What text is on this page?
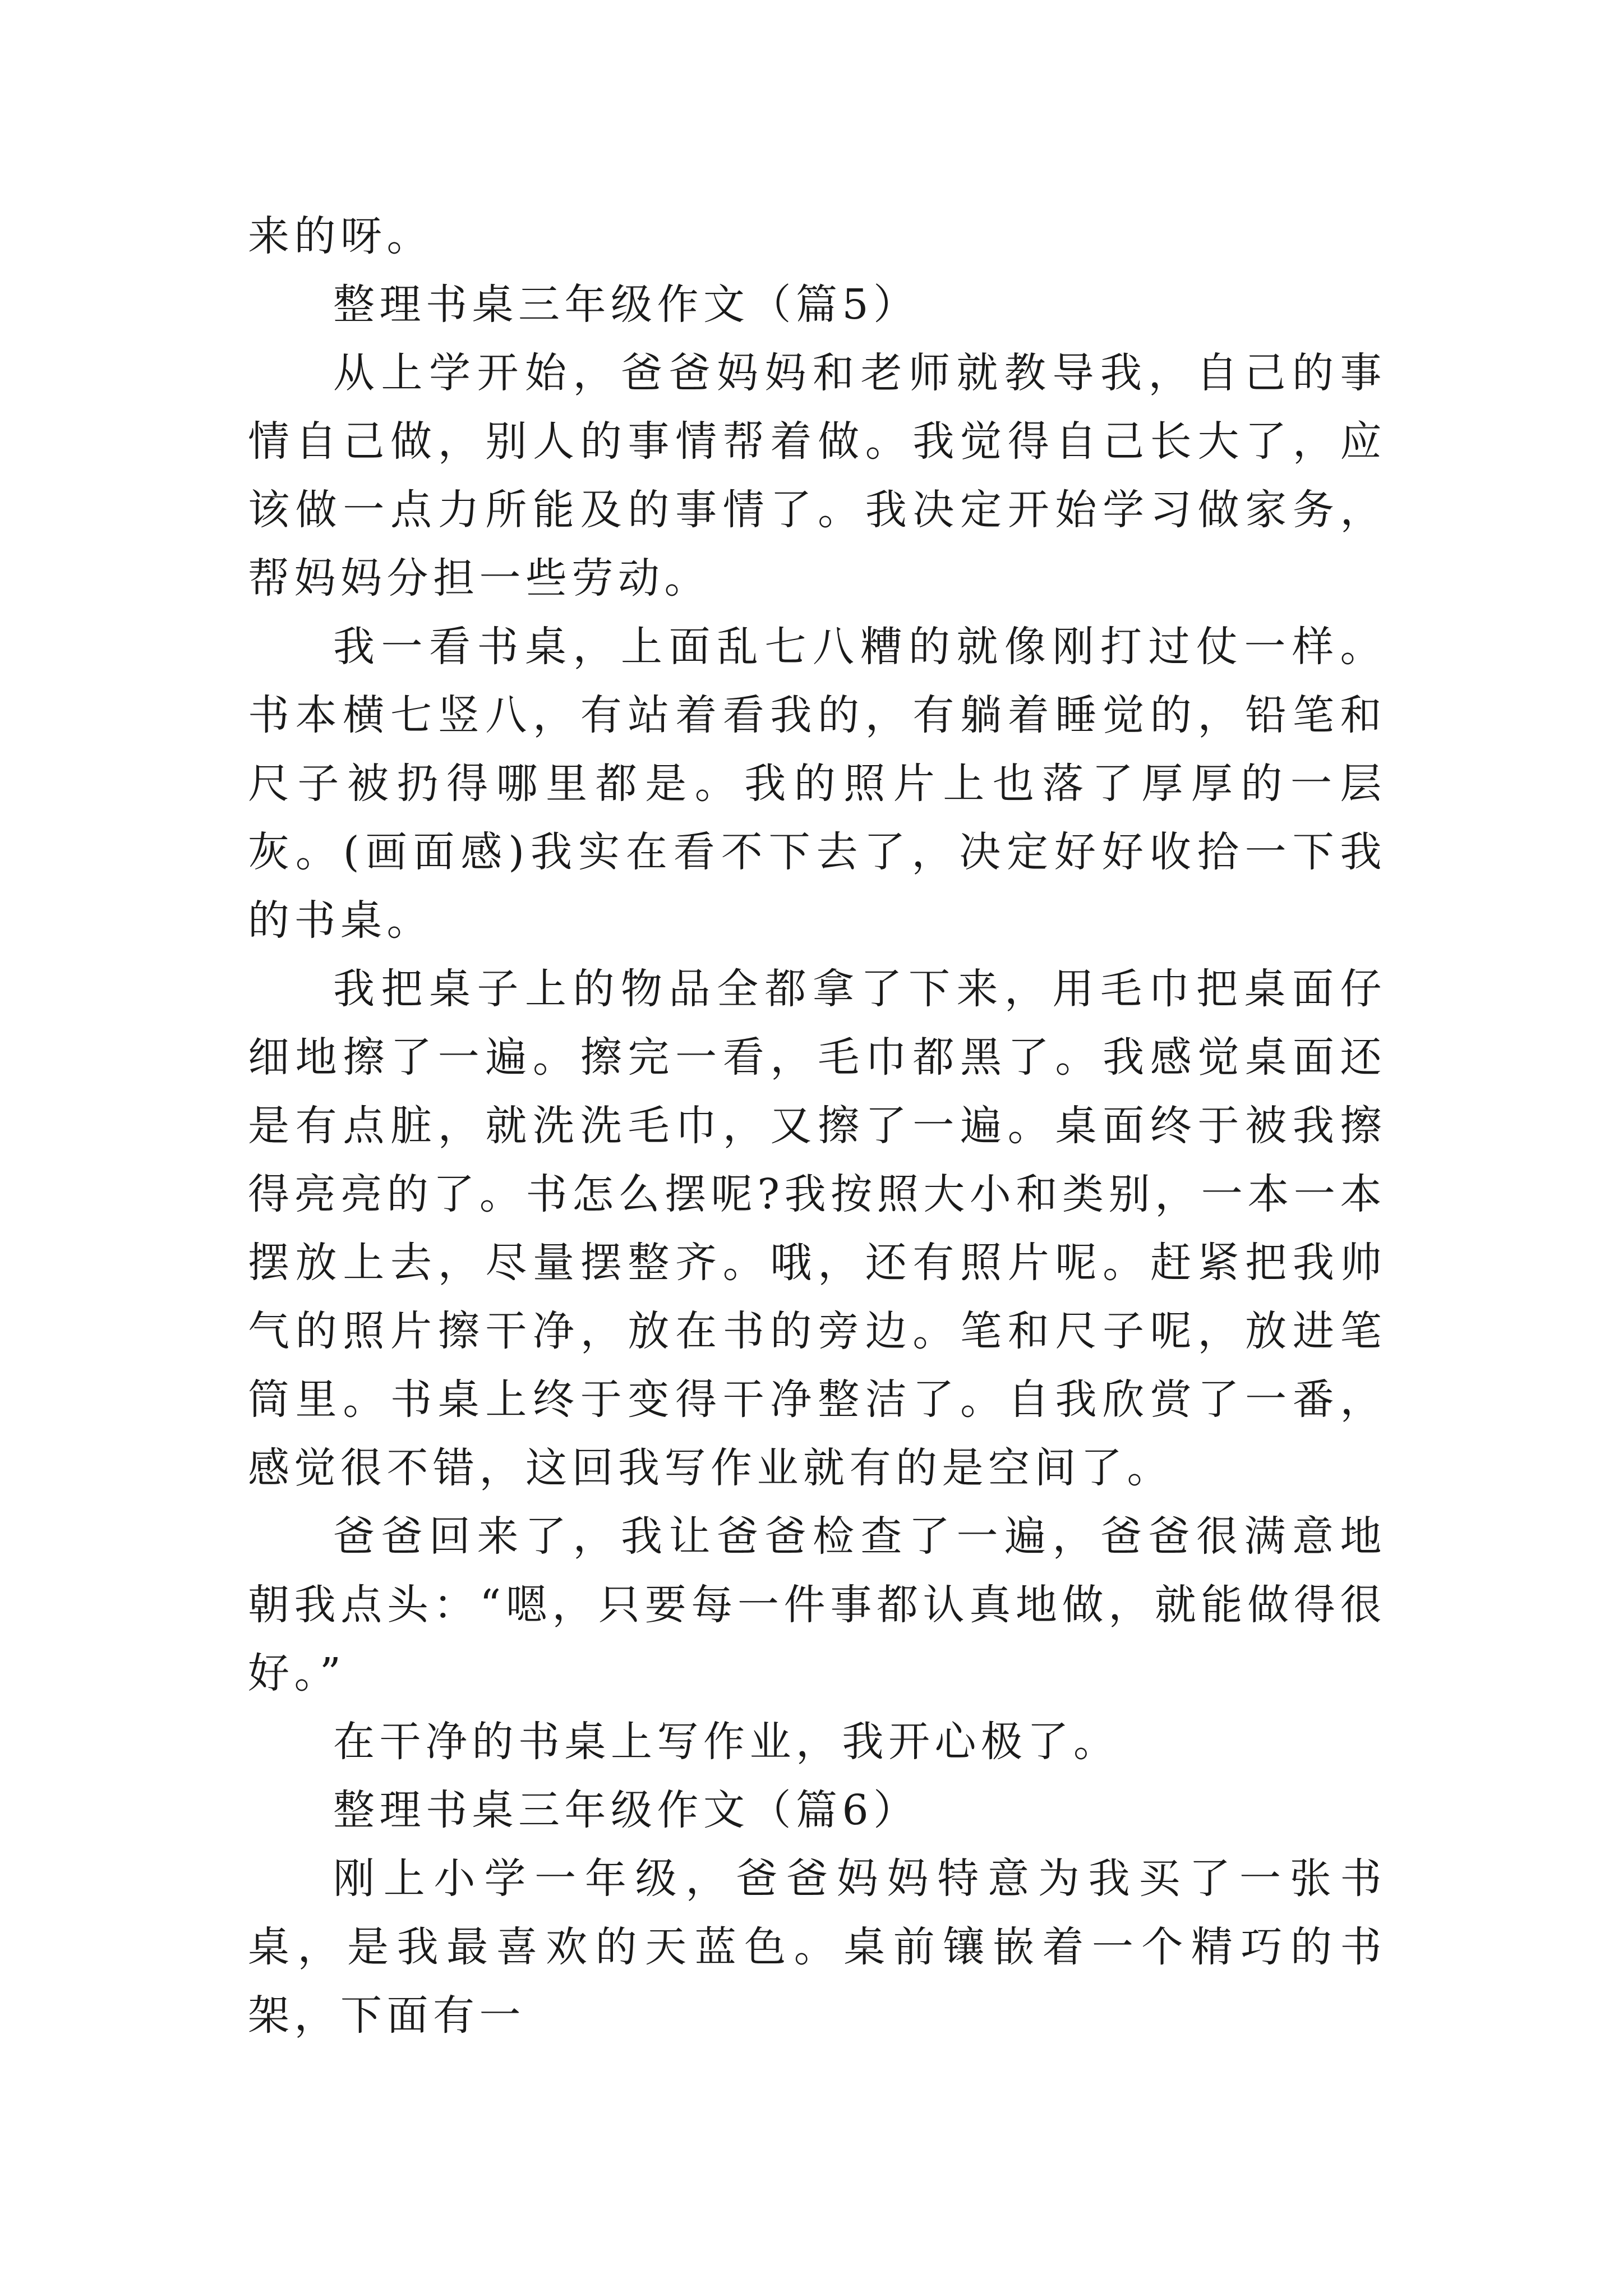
来的呀。

整理书桌三年级作文（篇5）

从上学开始，爸爸妈妈和老师就教导我，自己的事情自己做，别人的事情帮着做。我觉得自己长大了，应该做一点力所能及的事情了。我决定开始学习做家务，帮妈妈分担一些劳动。

我一看书桌，上面乱七八糟的就像刚打过仗一样。书本横七竖八，有站着看我的，有躺着睡觉的，铅笔和尺子被扔得哪里都是。我的照片上也落了厚厚的一层灰。(画面感)我实在看不下去了，决定好好收拾一下我的书桌。

我把桌子上的物品全都拿了下来，用毛巾把桌面仔细地擦了一遍。擦完一看，毛巾都黑了。我感觉桌面还是有点脏，就洗洗毛巾，又擦了一遍。桌面终于被我擦得亮亮的了。书怎么摆呢?我按照大小和类别，一本一本摆放上去，尽量摆整齐。哦，还有照片呢。赶紧把我帅气的照片擦干净，放在书的旁边。笔和尺子呢，放进笔筒里。书桌上终于变得干净整洁了。自我欣赏了一番，感觉很不错，这回我写作业就有的是空间了。

爸爸回来了，我让爸爸检查了一遍，爸爸很满意地朝我点头：“嗯，只要每一件事都认真地做，就能做得很好。”

在干净的书桌上写作业，我开心极了。

整理书桌三年级作文（篇6）

刚上小学一年级，爸爸妈妈特意为我买了一张书桌，是我最喜欢的天蓝色。桌前镶嵌着一个精巧的书架，下面有一
